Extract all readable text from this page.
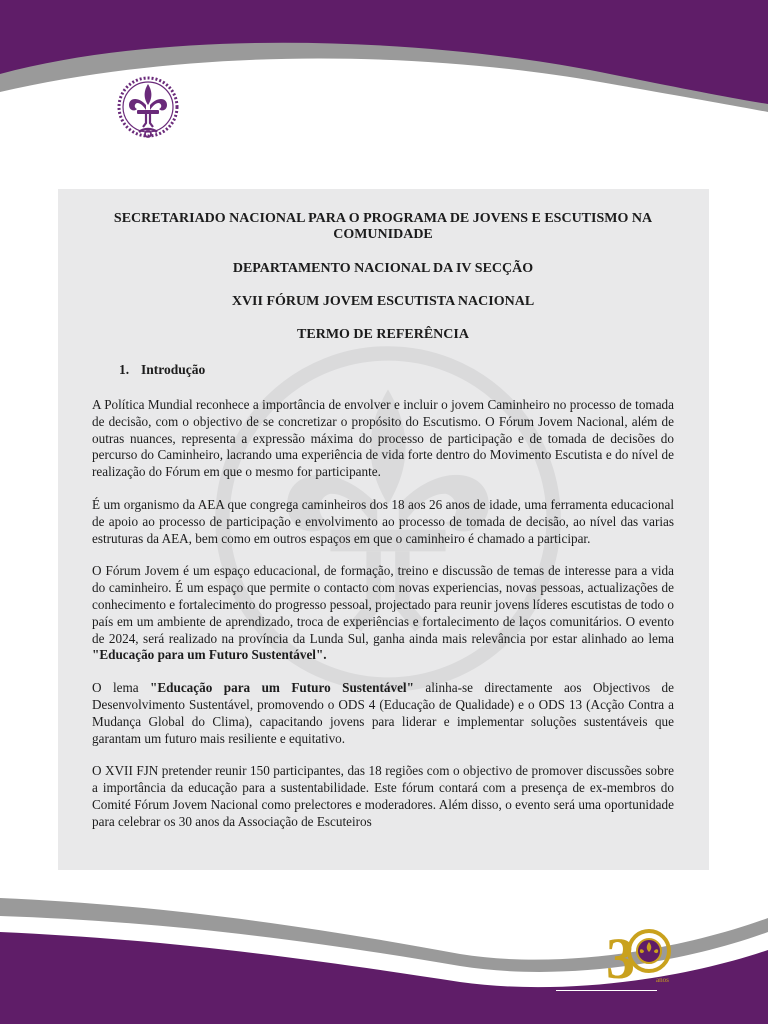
SECRETARIADO NACIONAL PARA O PROGRAMA DE JOVENS E ESCUTISMO NA COMUNIDADE

DEPARTAMENTO NACIONAL DA IV SECÇÃO

XVII FÓRUM JOVEM ESCUTISTA NACIONAL

TERMO DE REFERÊNCIA

1. Introdução

A Política Mundial reconhece a importância de envolver e incluir o jovem Caminheiro no processo de tomada de decisão, com o objectivo de se concretizar o propósito do Escutismo. O Fórum Jovem Nacional, além de outras nuances, representa a expressão máxima do processo de participação e de tomada de decisões do percurso do Caminheiro, lacrando uma experiência de vida forte dentro do Movimento Escutista e do nível de realização do Fórum em que o mesmo for participante.

É um organismo da AEA que congrega caminheiros dos 18 aos 26 anos de idade, uma ferramenta educacional de apoio ao processo de participação e envolvimento ao processo de tomada de decisão, ao nível das varias estruturas da AEA, bem como em outros espaços em que o caminheiro é chamado a participar.

O Fórum Jovem é um espaço educacional, de formação, treino e discussão de temas de interesse para a vida do caminheiro. É um espaço que permite o contacto com novas experiencias, novas pessoas, actualizações de conhecimento e fortalecimento do progresso pessoal, projectado para reunir jovens líderes escutistas de todo o país em um ambiente de aprendizado, troca de experiências e fortalecimento de laços comunitários. O evento de 2024, será realizado na província da Lunda Sul, ganha ainda mais relevância por estar alinhado ao lema "Educação para um Futuro Sustentável".

O lema "Educação para um Futuro Sustentável" alinha-se directamente aos Objectivos de Desenvolvimento Sustentável, promovendo o ODS 4 (Educação de Qualidade) e o ODS 13 (Acção Contra a Mudança Global do Clima), capacitando jovens para liderar e implementar soluções sustentáveis que garantam um futuro mais resiliente e equitativo.

O XVII FJN pretender reunir 150 participantes, das 18 regiões com o objectivo de promover discussões sobre a importância da educação para a sustentabilidade. Este fórum contará com a presença de ex-membros do Comité Fórum Jovem Nacional como prelectores e moderadores. Além disso, o evento será uma oportunidade para celebrar os 30 anos da Associação de Escuteiros

3	anos
